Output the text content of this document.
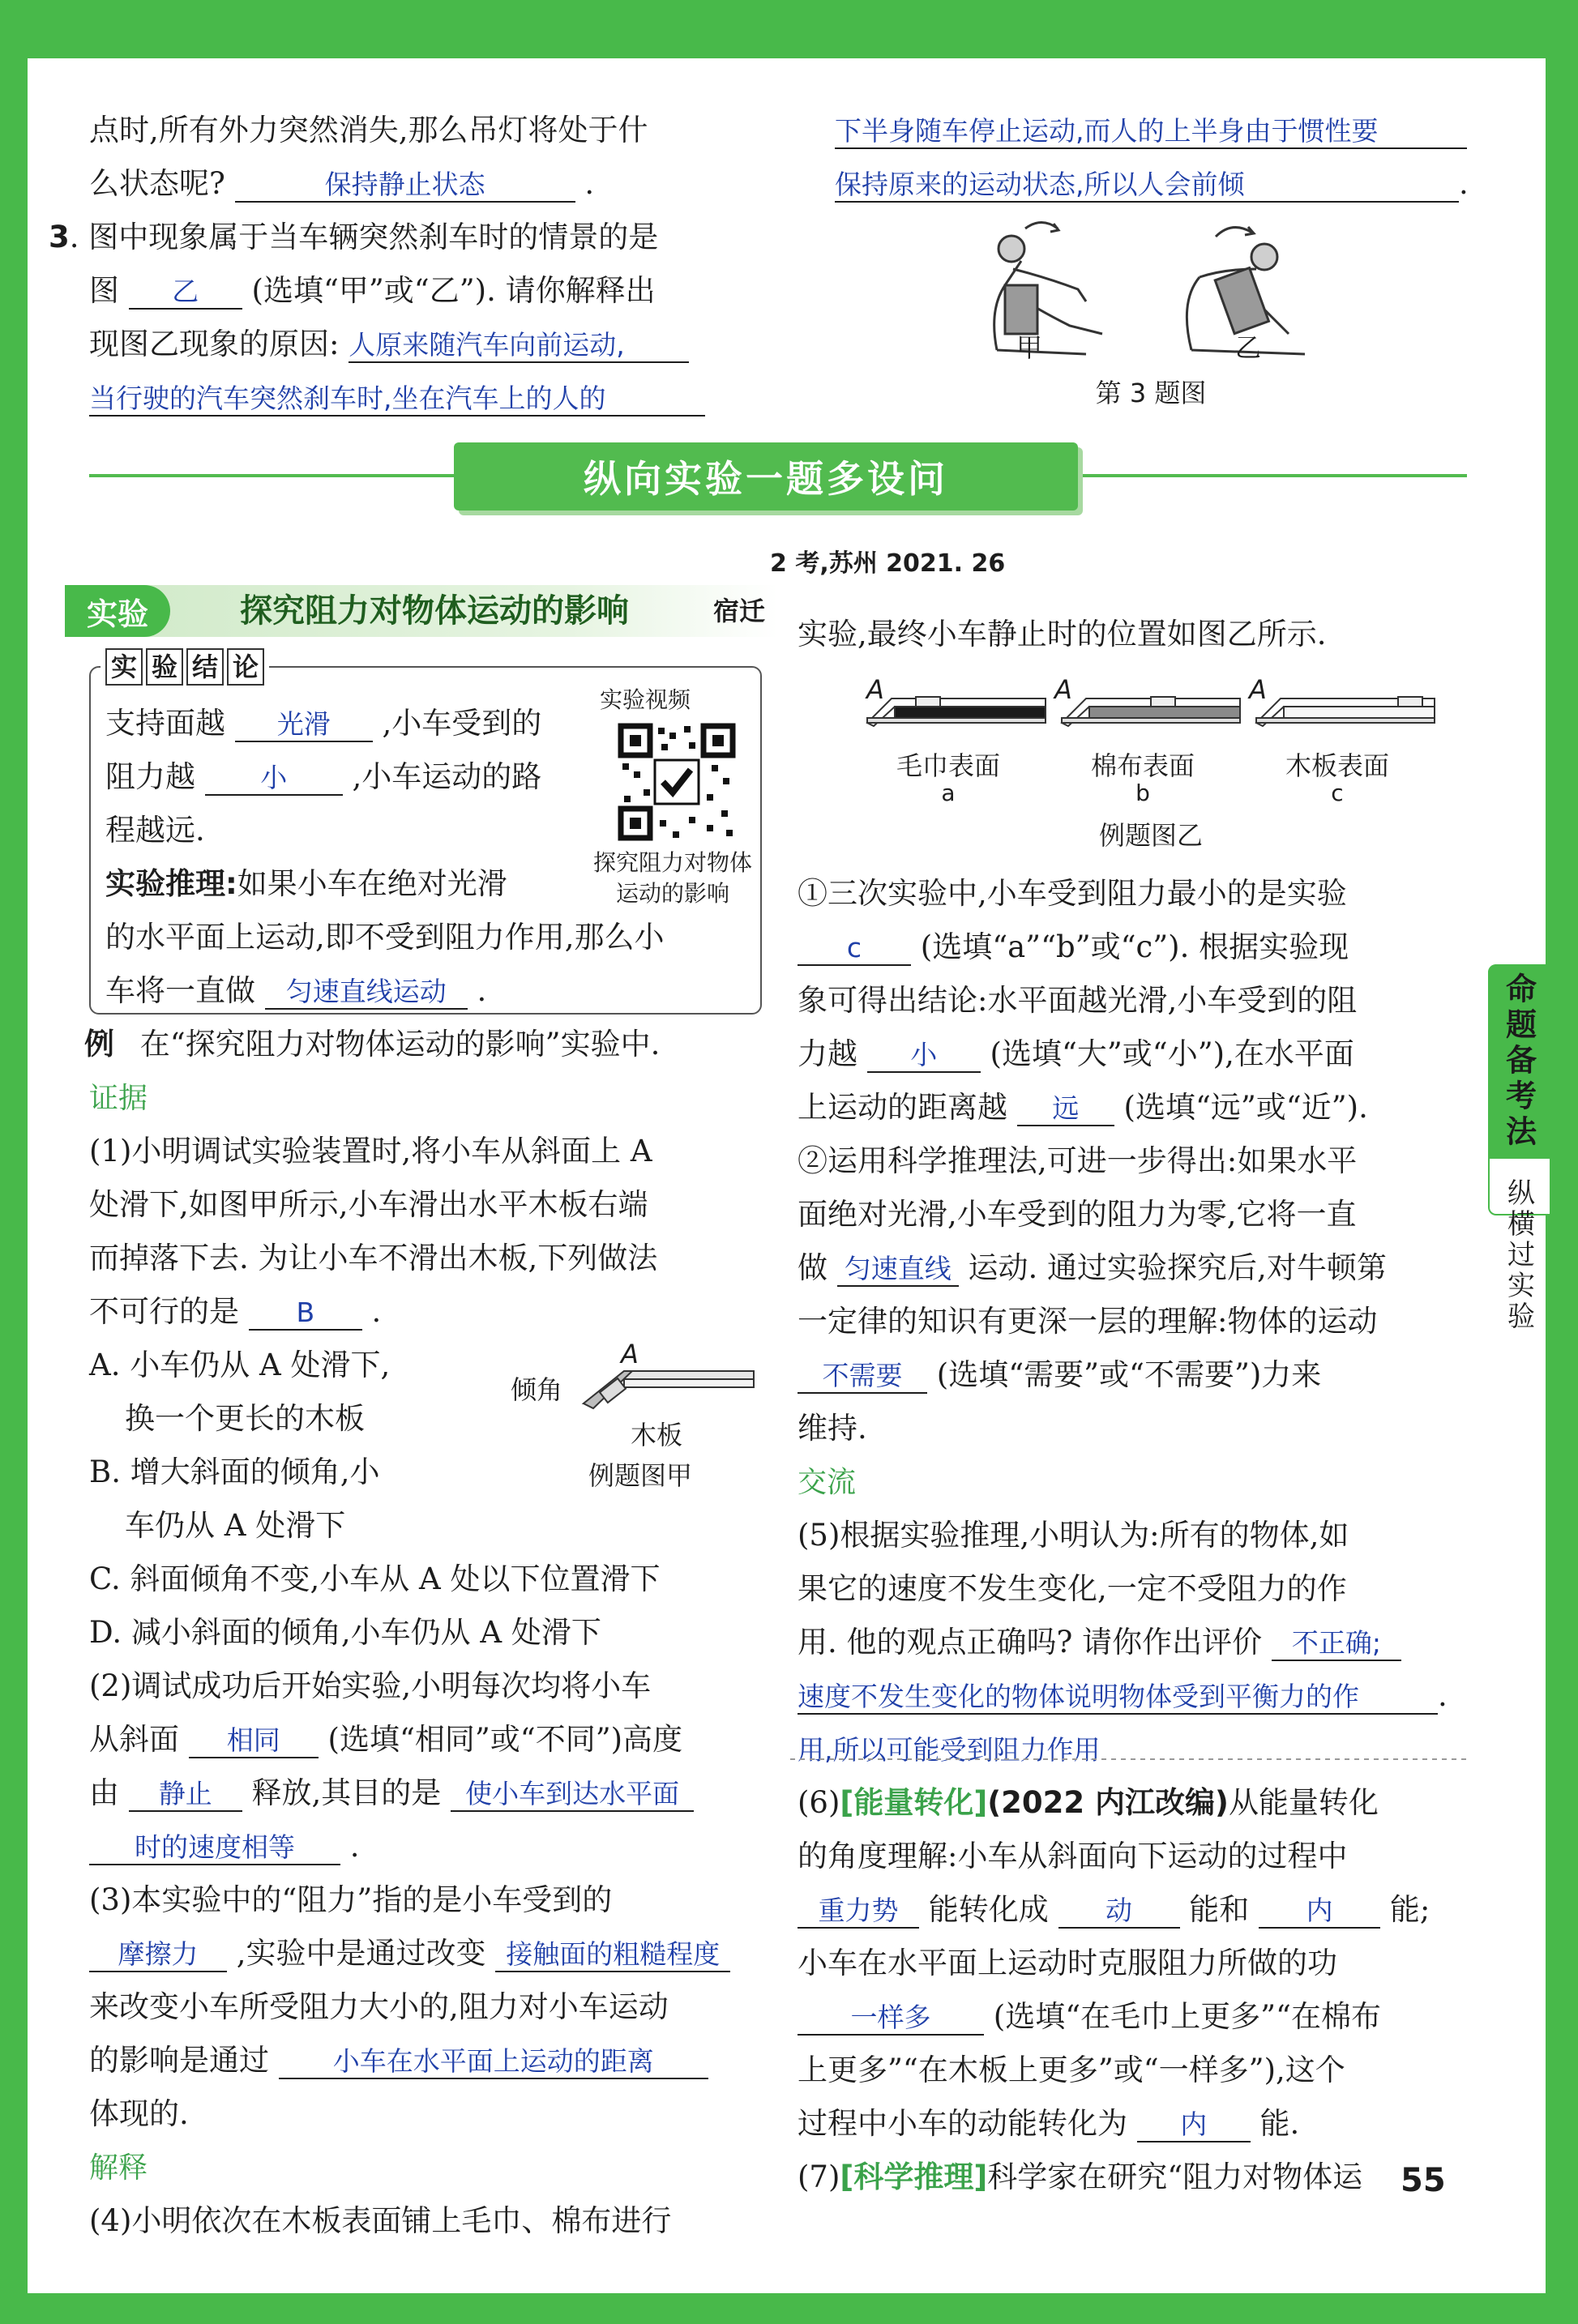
点时,所有外力突然消失,那么吊灯将处于什
么状态呢?	保持静止状态	.
3. 图中现象属于当车辆突然刹车时的情景的是
图 乙 (选填“甲”或“乙”). 请你解释出
现图乙现象的原因: 人原来随汽车向前运动,
当行驶的汽车突然刹车时,坐在汽车上的人的
下半身随车停止运动,而人的上半身由于惯性要
保持原来的运动状态,所以人会前倾	.
甲	乙
第 3 题图
纵向实验一题多设问
2 考,苏州 2021. 26
实验	探究阻力对物体运动的影响	宿迁
实 验 结 论
支持面越 光滑 ,小车受到的
阻力越 小 ,小车运动的路
程越远.
实验推理:如果小车在绝对光滑
的水平面上运动,即不受到阻力作用,那么小
车将一直做 匀速直线运动 .
实验视频
探究阻力对物体运动的影响
例 在“探究阻力对物体运动的影响”实验中.
证据
(1)小明调试实验装置时,将小车从斜面上 A
处滑下,如图甲所示,小车滑出水平木板右端
而掉落下去. 为让小车不滑出木板,下列做法
不可行的是 B .
A. 小车仍从 A 处滑下,
换一个更长的木板
B. 增大斜面的倾角,小
车仍从 A 处滑下
C. 斜面倾角不变,小车从 A 处以下位置滑下
D. 减小斜面的倾角,小车仍从 A 处滑下
(2)调试成功后开始实验,小明每次均将小车
从斜面 相同 (选填“相同”或“不同”)高度
由 静止 释放,其目的是 使小车到达水平面
时的速度相等 .
(3)本实验中的“阻力”指的是小车受到的
摩擦力 ,实验中是通过改变 接触面的粗糙程度
来改变小车所受阻力大小的,阻力对小车运动
的影响是通过 小车在水平面上运动的距离
体现的.
解释
(4)小明依次在木板表面铺上毛巾、棉布进行
倾角
A
木板
例题图甲
实验,最终小车静止时的位置如图乙所示.
A	A	A
毛巾表面	棉布表面	木板表面
a	b	c
例题图乙
①三次实验中,小车受到阻力最小的是实验
c (选填“a”“b”或“c”). 根据实验现
象可得出结论:水平面越光滑,小车受到的阻
力越 小 (选填“大”或“小”),在水平面
上运动的距离越 远 (选填“远”或“近”).
②运用科学推理法,可进一步得出:如果水平
面绝对光滑,小车受到的阻力为零,它将一直
做 匀速直线 运动. 通过实验探究后,对牛顿第
一定律的知识有更深一层的理解:物体的运动
不需要 (选填“需要”或“不需要”)力来
维持.
交流
(5)根据实验推理,小明认为:所有的物体,如
果它的速度不发生变化,一定不受阻力的作
用. 他的观点正确吗? 请你作出评价 不正确;
速度不发生变化的物体说明物体受到平衡力的作	.
用,所以可能受到阻力作用
(6)[能量转化](2022 内江改编)从能量转化
的角度理解:小车从斜面向下运动的过程中
重力势 能转化成 动 能和 内 能;
小车在水平面上运动时克服阻力所做的功
一样多 (选填“在毛巾上更多”“在棉布
上更多”“在木板上更多”或“一样多”),这个
过程中小车的动能转化为 内 能.
(7)[科学推理]科学家在研究“阻力对物体运
命题备考法
纵横过实验
55
